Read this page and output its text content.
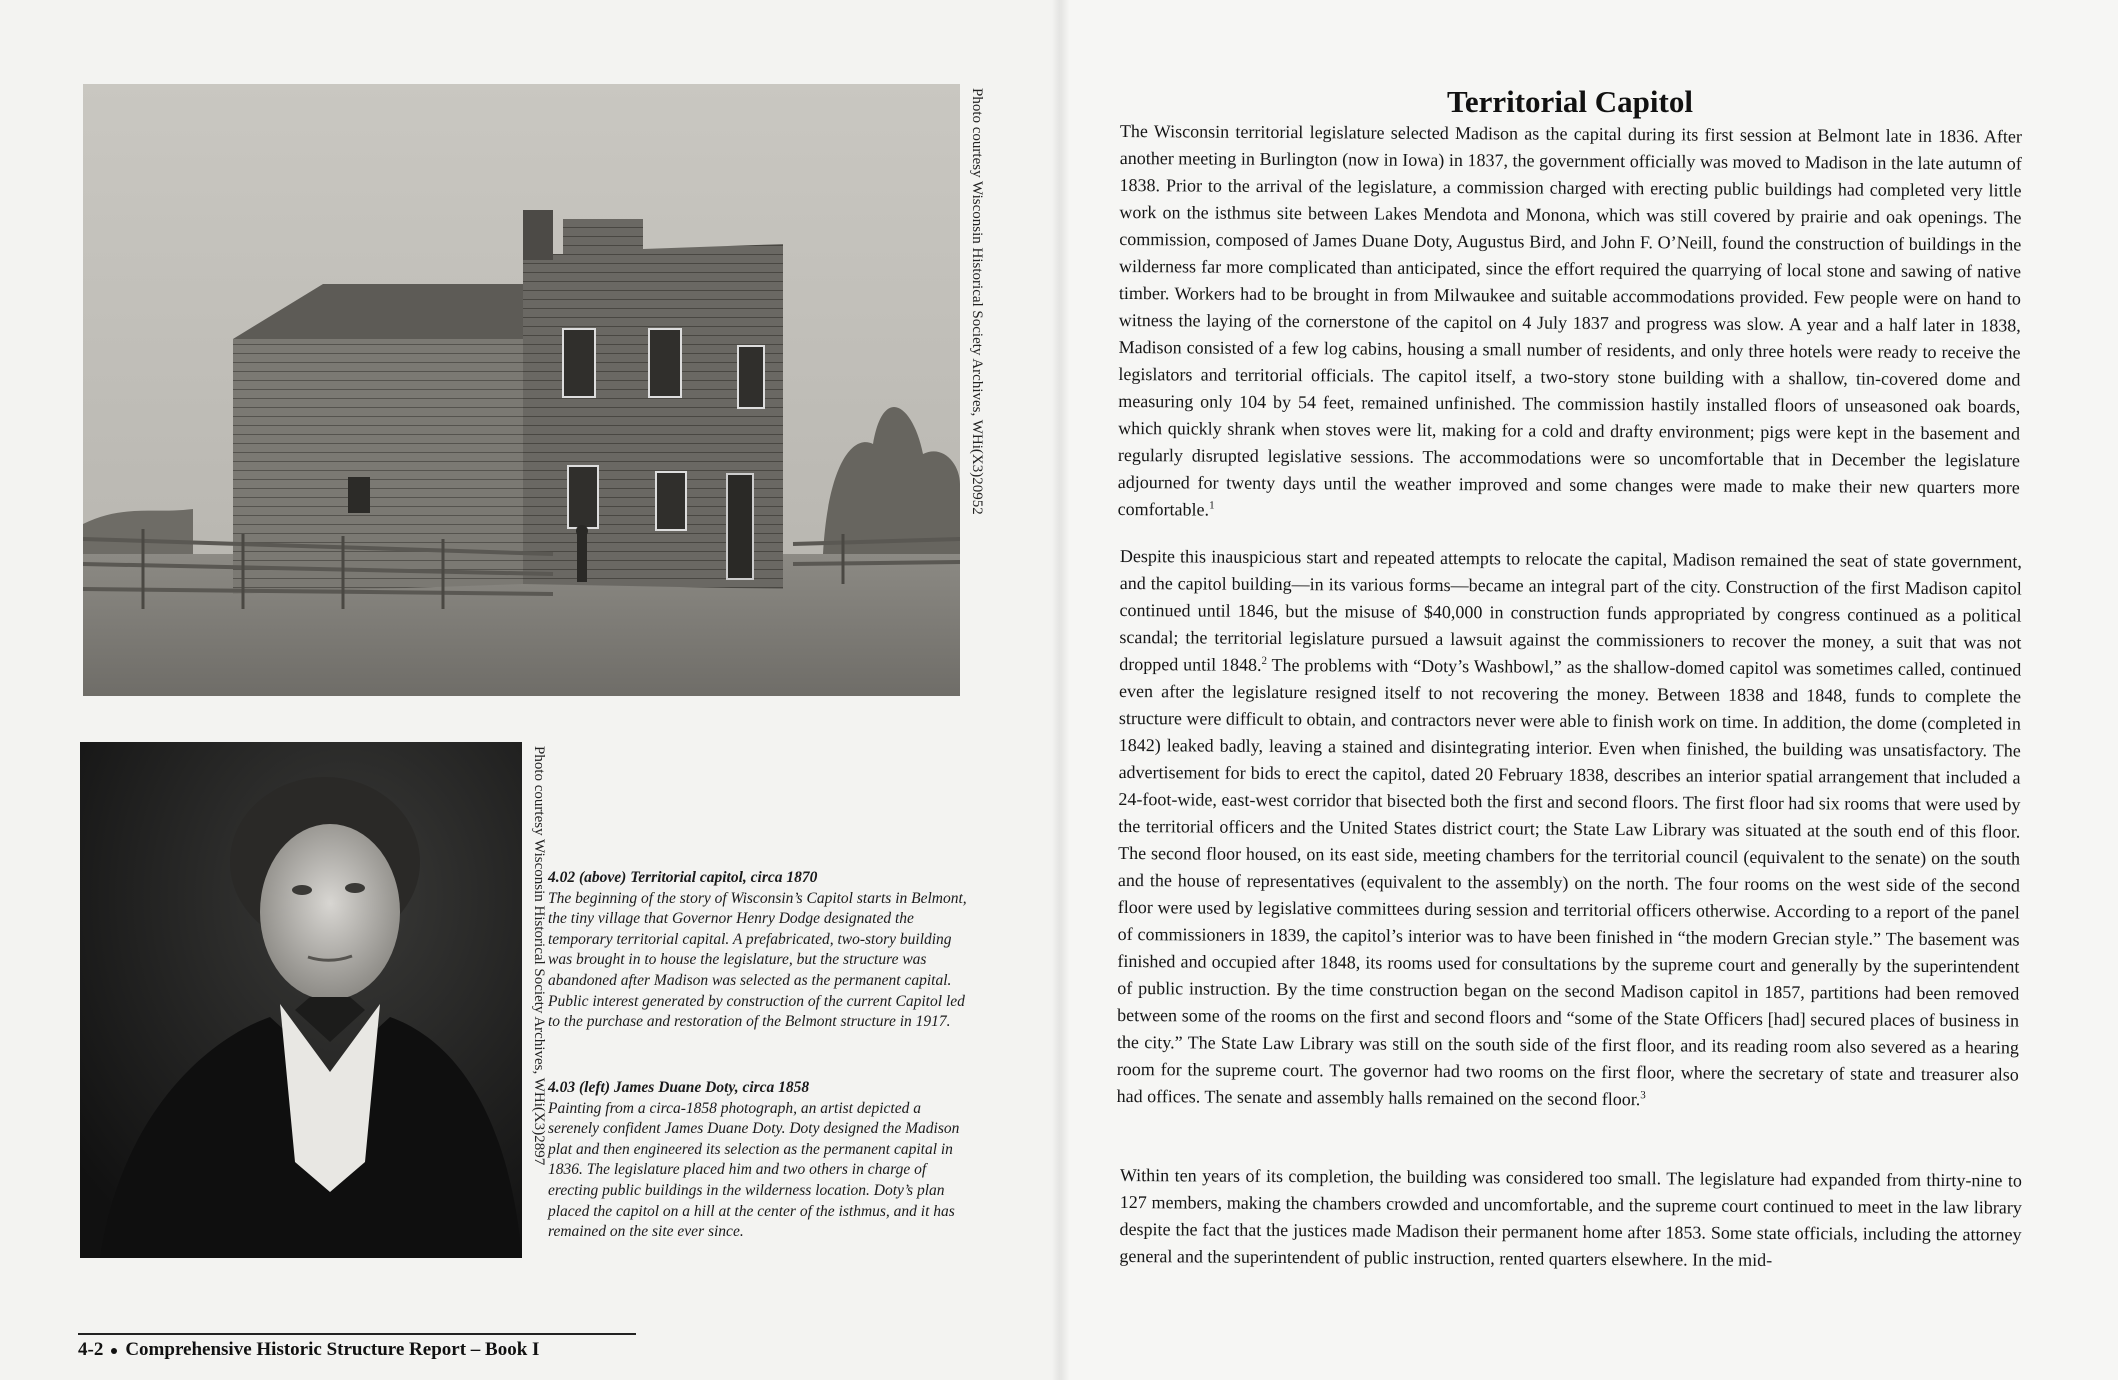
Photo courtesy Wisconsin Historical Society Archives, WHi(X3)20952
Photo courtesy Wisconsin Historical Society Archives, WHi(X3)2897 4.02 (above) Territorial capitol, circa 1870
The beginning of the story of Wisconsin’s Capitol starts in Belmont, the tiny village that Governor Henry Dodge designated the temporary territorial capital. A prefabricated, two-story building was brought in to house the legislature, but the structure was abandoned after Madison was selected as the permanent capital. Public interest generated by construction of the current Capitol led to the purchase and restoration of the Belmont structure in 1917.
4.03 (left) James Duane Doty, circa 1858
Painting from a circa-1858 photograph, an artist depicted a serenely confident James Duane Doty. Doty designed the Madison plat and then engineered its selection as the permanent capital in 1836. The legislature placed him and two others in charge of erecting public buildings in the wilderness location. Doty’s plan placed the capitol on a hill at the center of the isthmus, and it has remained on the site ever since.
4-2 Comprehensive Historic Structure Report – Book I
Territorial Capitol

The Wisconsin territorial legislature selected Madison as the capital during its first session at Belmont late in 1836. After another meeting in Burlington (now in Iowa) in 1837, the government officially was moved to Madison in the late autumn of 1838. Prior to the arrival of the legislature, a commission charged with erecting public buildings had completed very little work on the isthmus site between Lakes Mendota and Monona, which was still covered by prairie and oak openings. The commission, composed of James Duane Doty, Augustus Bird, and John F. O’Neill, found the construction of buildings in the wilderness far more complicated than anticipated, since the effort required the quarrying of local stone and sawing of native timber. Workers had to be brought in from Milwaukee and suitable accommodations provided. Few people were on hand to witness the laying of the cornerstone of the capitol on 4 July 1837 and progress was slow. A year and a half later in 1838, Madison consisted of a few log cabins, housing a small number of residents, and only three hotels were ready to receive the legislators and territorial officials. The capitol itself, a two-story stone building with a shallow, tin-covered dome and measuring only 104 by 54 feet, remained unfinished. The commission hastily installed floors of unseasoned oak boards, which quickly shrank when stoves were lit, making for a cold and drafty environment; pigs were kept in the basement and regularly disrupted legislative sessions. The accommodations were so uncomfortable that in December the legislature adjourned for twenty days until the weather improved and some changes were made to make their new quarters more comfortable.$^1$

Despite this inauspicious start and repeated attempts to relocate the capital, Madison remained the seat of state government, and the capitol building—in its various forms—became an integral part of the city. Construction of the first Madison capitol continued until 1846, but the misuse of $40,000 in construction funds appropriated by congress continued as a political scandal; the territorial legislature pursued a lawsuit against the commissioners to recover the money, a suit that was not dropped until 1848.$^2$ The problems with “Doty’s Washbowl,” as the shallow-domed capitol was sometimes called, continued even after the legislature resigned itself to not recovering the money. Between 1838 and 1848, funds to complete the structure were difficult to obtain, and contractors never were able to finish work on time. In addition, the dome (completed in 1842) leaked badly, leaving a stained and disintegrating interior. Even when finished, the building was unsatisfactory. The advertisement for bids to erect the capitol, dated 20 February 1838, describes an interior spatial arrangement that included a 24-foot-wide, east-west corridor that bisected both the first and second floors. The first floor had six rooms that were used by the territorial officers and the United States district court; the State Law Library was situated at the south end of this floor. The second floor housed, on its east side, meeting chambers for the territorial council (equivalent to the senate) on the south and the house of representatives (equivalent to the assembly) on the north. The four rooms on the west side of the second floor were used by legislative committees during session and territorial officers otherwise. According to a report of the panel of commissioners in 1839, the capitol’s interior was to have been finished in “the modern Grecian style.” The basement was finished and occupied after 1848, its rooms used for consultations by the supreme court and generally by the superintendent of public instruction. By the time construction began on the second Madison capitol in 1857, partitions had been removed between some of the rooms on the first and second floors and “some of the State Officers [had] secured places of business in the city.” The State Law Library was still on the south side of the first floor, and its reading room also severed as a hearing room for the supreme court. The governor had two rooms on the first floor, where the secretary of state and treasurer also had offices. The senate and assembly halls remained on the second floor.$^3$

Within ten years of its completion, the building was considered too small. The legislature had expanded from thirty-nine to 127 members, making the chambers crowded and uncomfortable, and the supreme court continued to meet in the law library despite the fact that the justices made Madison their permanent home after 1853. Some state officials, including the attorney general and the superintendent of public instruction, rented quarters elsewhere. In the mid-
